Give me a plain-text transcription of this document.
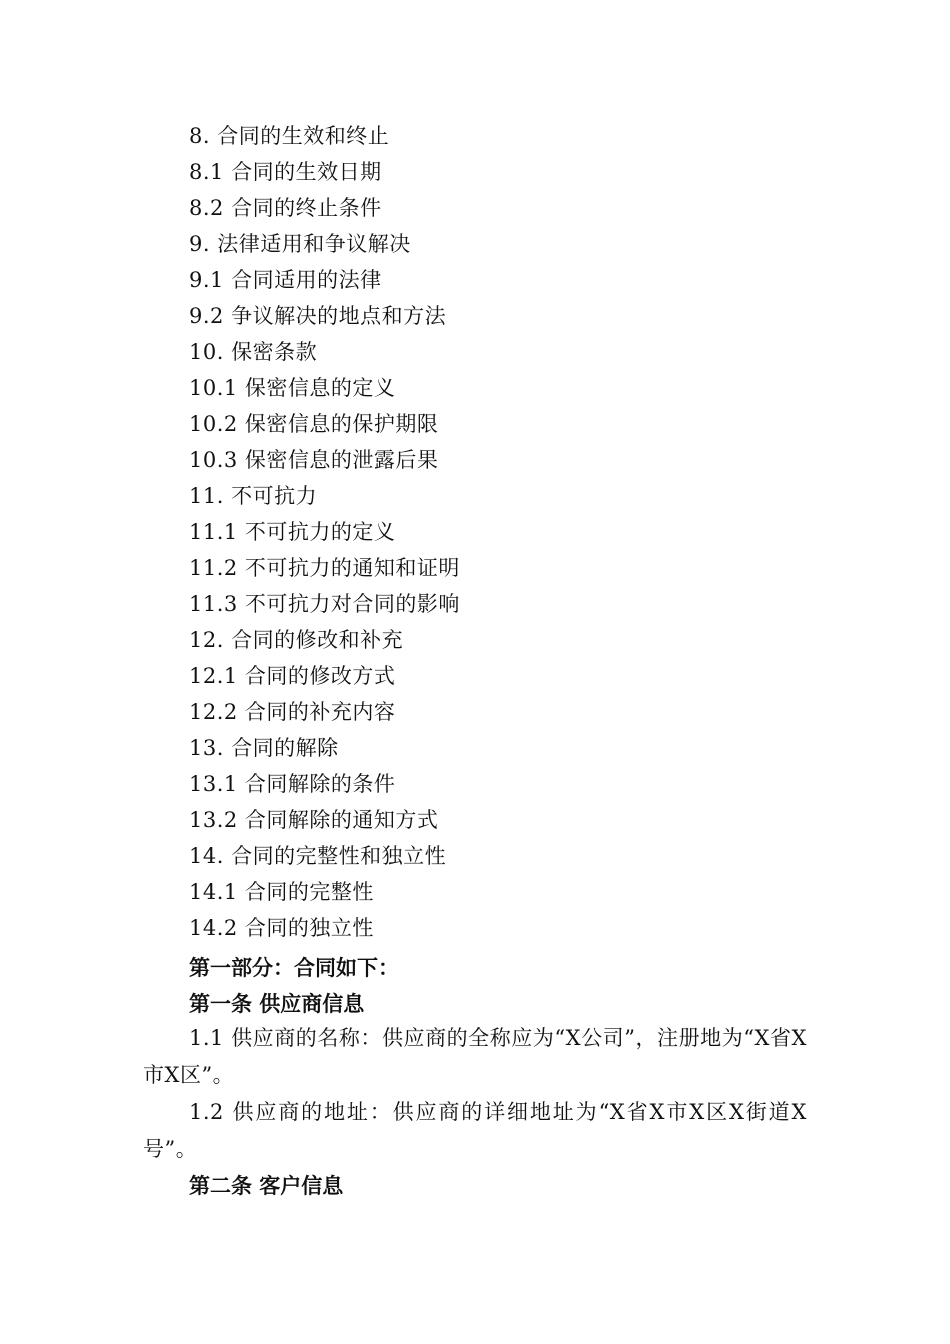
8. 合同的生效和终止
8.1 合同的生效日期
8.2 合同的终止条件
9. 法律适用和争议解决
9.1 合同适用的法律
9.2 争议解决的地点和方法
10. 保密条款
10.1 保密信息的定义
10.2 保密信息的保护期限
10.3 保密信息的泄露后果
11. 不可抗力
11.1 不可抗力的定义
11.2 不可抗力的通知和证明
11.3 不可抗力对合同的影响
12. 合同的修改和补充
12.1 合同的修改方式
12.2 合同的补充内容
13. 合同的解除
13.1 合同解除的条件
13.2 合同解除的通知方式
14. 合同的完整性和独立性
14.1 合同的完整性
14.2 合同的独立性
第一部分：合同如下：
第一条 供应商信息

1.1 供应商的名称：供应商的全称应为“X公司”，注册地为“X省X市X区”。

1.2 供应商的地址：供应商的详细地址为“X省X市X区X街道X号”。

第二条 客户信息
